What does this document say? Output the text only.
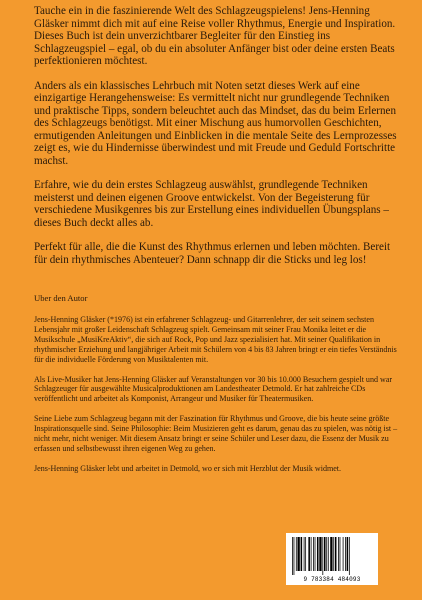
Tauche ein in die faszinierende Welt des Schlagzeugspielens! Jens-Henning Gläsker nimmt dich mit auf eine Reise voller Rhythmus, Energie und Inspiration. Dieses Buch ist dein unverzichtbarer Begleiter für den Einstieg ins Schlagzeugspiel – egal, ob du ein absoluter Anfänger bist oder deine ersten Beats perfektionieren möchtest.

Anders als ein klassisches Lehrbuch mit Noten setzt dieses Werk auf eine einzigartige Herangehensweise: Es vermittelt nicht nur grundlegende Techniken und praktische Tipps, sondern beleuchtet auch das Mindset, das du beim Erlernen des Schlagzeugs benötigst. Mit einer Mischung aus humorvollen Geschichten, ermutigenden Anleitungen und Einblicken in die mentale Seite des Lernprozesses zeigt es, wie du Hindernisse überwindest und mit Freude und Geduld Fortschritte machst.

Erfahre, wie du dein erstes Schlagzeug auswählst, grundlegende Techniken meisterst und deinen eigenen Groove entwickelst. Von der Begeisterung für verschiedene Musikgenres bis zur Erstellung eines individuellen Übungsplans – dieses Buch deckt alles ab.

Perfekt für alle, die die Kunst des Rhythmus erlernen und leben möchten. Bereit für dein rhythmisches Abenteuer? Dann schnapp dir die Sticks und leg los!

Uber den Autor

Jens-Henning Gläsker (*1976) ist ein erfahrener Schlagzeug- und Gitarrenlehrer, der seit seinem sechsten Lebensjahr mit großer Leidenschaft Schlagzeug spielt. Gemeinsam mit seiner Frau Monika leitet er die Musikschule „MusiKreAktiv“, die sich auf Rock, Pop und Jazz spezialisiert hat. Mit seiner Qualifikation in rhythmischer Erziehung und langjähriger Arbeit mit Schülern von 4 bis 83 Jahren bringt er ein tiefes Verständnis für die individuelle Förderung von Musiktalenten mit.

Als Live-Musiker hat Jens-Henning Gläsker auf Veranstaltungen vor 30 bis 10.000 Besuchern gespielt und war Schlagzeuger für ausgewählte Musicalproduktionen am Landestheater Detmold. Er hat zahlreiche CDs veröffentlicht und arbeitet als Komponist, Arrangeur und Musiker für Theatermusiken.

Seine Liebe zum Schlagzeug begann mit der Faszination für Rhythmus und Groove, die bis heute seine größte Inspirationsquelle sind. Seine Philosophie: Beim Musizieren geht es darum, genau das zu spielen, was nötig ist – nicht mehr, nicht weniger. Mit diesem Ansatz bringt er seine Schüler und Leser dazu, die Essenz der Musik zu erfassen und selbstbewusst ihren eigenen Weg zu gehen.

Jens-Henning Gläsker lebt und arbeitet in Detmold, wo er sich mit Herzblut der Musik widmet.

9 783384 484093
